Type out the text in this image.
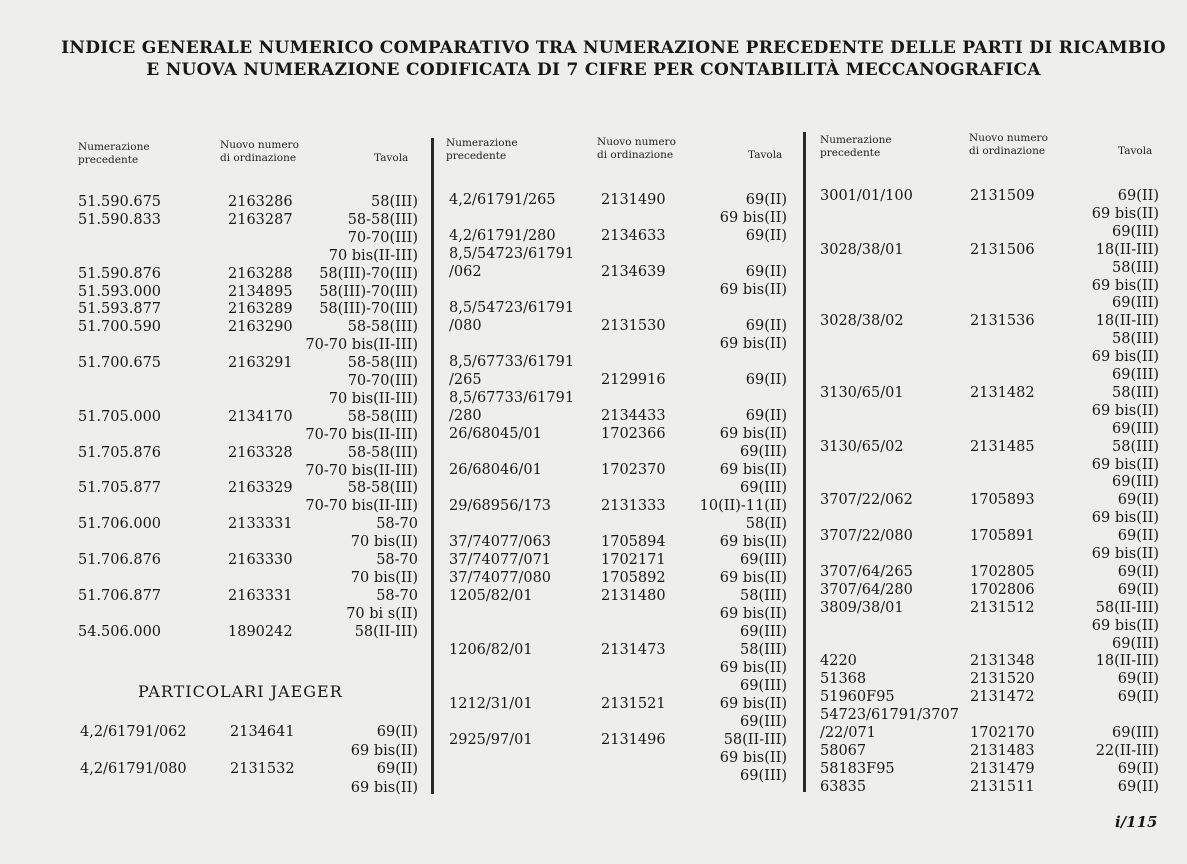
INDICE GENERALE NUMERICO COMPARATIVO TRA NUMERAZIONE PRECEDENTE DELLE PARTI DI RICAMBIO
E NUOVA NUMERAZIONE CODIFICATA DI 7 CIFRE PER CONTABILITÀ MECCANOGRAFICA
Numerazione
precedente
Nuovo numero
di ordinazione	Tavola
Numerazione
precedente
Nuovo numero
di ordinazione	Tavola
Numerazione
precedente
Nuovo numero
di ordinazione	Tavola
51.590.675	2163286	58(III)
51.590.833	2163287	58-58(III)
70-70(III)
70 bis(II-III)
51.590.876	2163288 58(III)-70(III)
51.593.000	2134895 58(III)-70(III)
51.593.877	2163289 58(III)-70(III)
51.700.590	2163290	58-58(III)
70-70 bis(II-III)
51.700.675	2163291	58-58(III)
70-70(III)
70 bis(II-III)
51.705.000	2134170	58-58(III)
70-70 bis(II-III)
51.705.876	2163328	58-58(III)
70-70 bis(II-III)
51.705.877	2163329	58-58(III)
70-70 bis(II-III)
51.706.000	2133331	58-70
70 bis(II)
51.706.876	2163330	58-70
70 bis(II)
51.706.877	2163331	58-70
70 bi s(II)
54.506.000	1890242	58(II-III)
4,2/61791/062	2134641	69(II)
69 bis(II)
4,2/61791/080	2131532	69(II)
69 bis(II)
4,2/61791/265	2131490	69(II)
69 bis(II)
4,2/61791/280	2134633	69(II)
8,5/54723/61791
/062	2134639	69(II)
69 bis(II)
8,5/54723/61791
/080	2131530	69(II)
69 bis(II)
8,5/67733/61791
/265	2129916	69(II)
8,5/67733/61791
/280	2134433	69(II)
26/68045/01	1702366	69 bis(II)
69(III)
26/68046/01	1702370	69 bis(II)
69(III)
29/68956/173	2131333 10(II)-11(II)
58(II)
37/74077/063	1705894	69 bis(II)
37/74077/071	1702171	69(III)
37/74077/080	1705892	69 bis(II)
1205/82/01	2131480	58(III)
69 bis(II)
69(III)
1206/82/01	2131473	58(III)
69 bis(II)
69(III)
1212/31/01	2131521	69 bis(II)
69(III)
2925/97/01	2131496	58(II-III)
69 bis(II)
69(III)
3001/01/100	2131509	69(II)
69 bis(II)
69(III)
3028/38/01	2131506	18(II-III)
58(III)
69 bis(II)
69(III)
3028/38/02	2131536	18(II-III)
58(III)
69 bis(II)
69(III)
3130/65/01	2131482	58(III)
69 bis(II)
69(III)
3130/65/02	2131485	58(III)
69 bis(II)
69(III)
3707/22/062	1705893	69(II)
69 bis(II)
3707/22/080	1705891	69(II)
69 bis(II)
3707/64/265	1702805	69(II)
3707/64/280	1702806	69(II)
3809/38/01	2131512	58(II-III)
69 bis(II)
69(III)
4220	2131348	18(II-III)
51368	2131520	69(II)
51960F95	2131472	69(II)
54723/61791/3707
/22/071	1702170	69(III)
58067	2131483	22(II-III)
58183F95	2131479	69(II)
63835	2131511	69(II)
PARTICOLARI JAEGER
i/115
